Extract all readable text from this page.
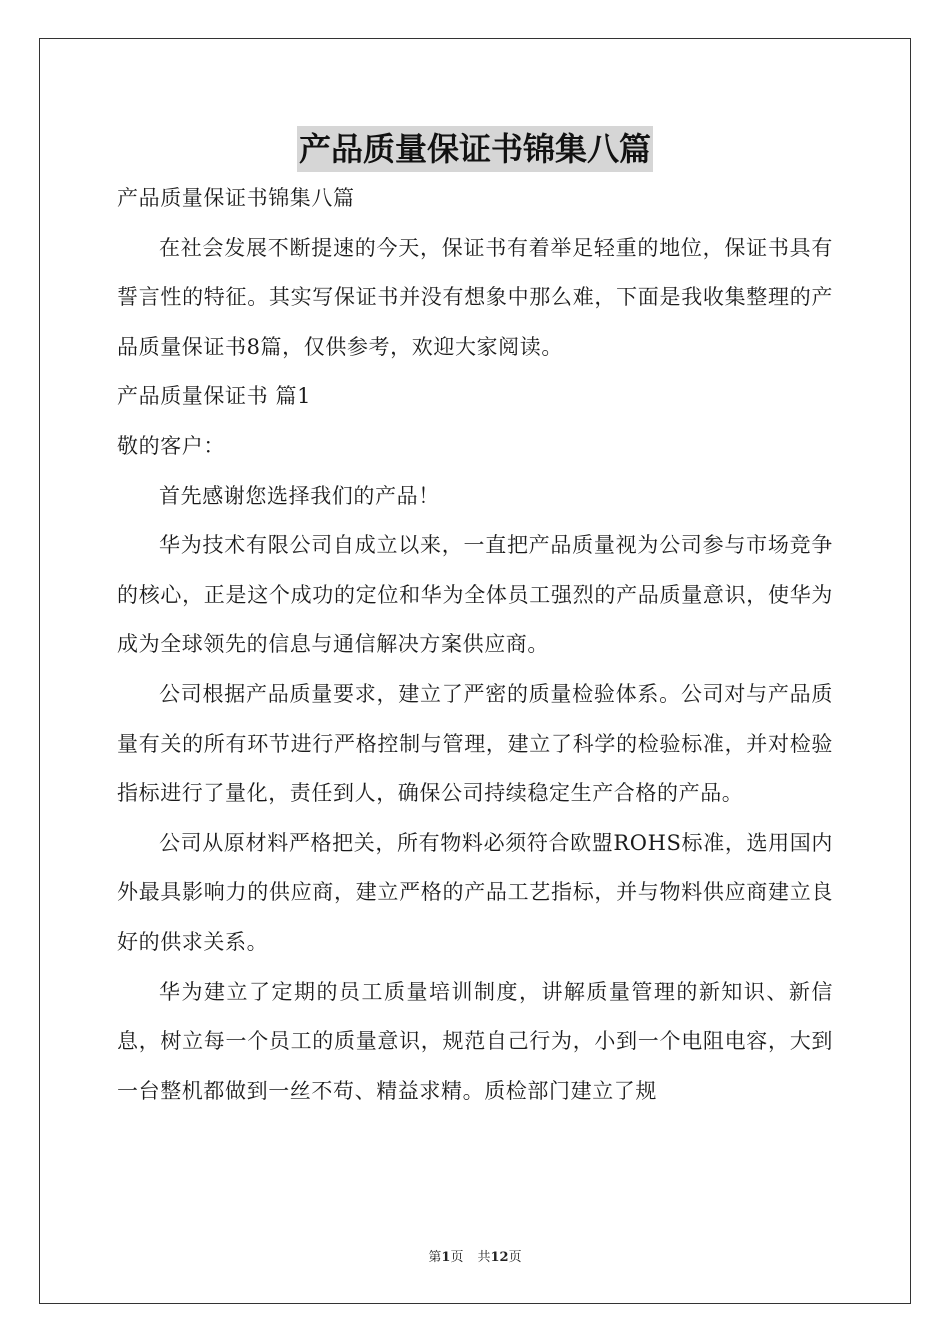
产品质量保证书锦集八篇

产品质量保证书锦集八篇

在社会发展不断提速的今天，保证书有着举足轻重的地位，保证书具有誓言性的特征。其实写保证书并没有想象中那么难，下面是我收集整理的产品质量保证书8篇，仅供参考，欢迎大家阅读。

产品质量保证书 篇1

敬的客户：

首先感谢您选择我们的产品！

华为技术有限公司自成立以来，一直把产品质量视为公司参与市场竞争的核心，正是这个成功的定位和华为全体员工强烈的产品质量意识，使华为成为全球领先的信息与通信解决方案供应商。

公司根据产品质量要求，建立了严密的质量检验体系。公司对与产品质量有关的所有环节进行严格控制与管理，建立了科学的检验标准，并对检验指标进行了量化，责任到人，确保公司持续稳定生产合格的产品。

公司从原材料严格把关，所有物料必须符合欧盟ROHS标准，选用国内外最具影响力的供应商，建立严格的产品工艺指标，并与物料供应商建立良好的供求关系。

华为建立了定期的员工质量培训制度，讲解质量管理的新知识、新信息，树立每一个员工的质量意识，规范自己行为，小到一个电阻电容，大到一台整机都做到一丝不苟、精益求精。质检部门建立了规

第1页 共12页
